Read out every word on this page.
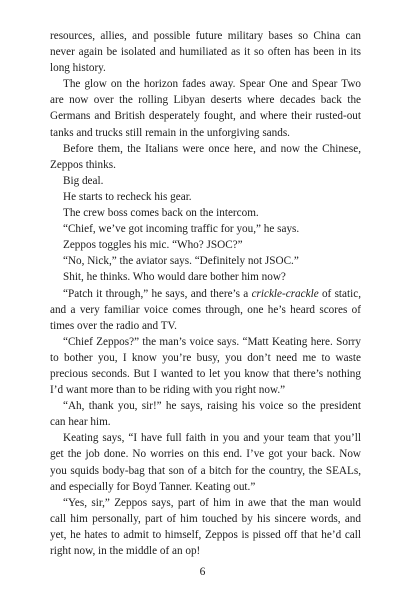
resources, allies, and possible future military bases so China can never again be isolated and humiliated as it so often has been in its long history.

The glow on the horizon fades away. Spear One and Spear Two are now over the rolling Libyan deserts where decades back the Germans and British desperately fought, and where their rusted-out tanks and trucks still remain in the unforgiving sands.

Before them, the Italians were once here, and now the Chinese, Zeppos thinks.

Big deal.

He starts to recheck his gear.

The crew boss comes back on the intercom.

“Chief, we’ve got incoming traffic for you,” he says.

Zeppos toggles his mic. “Who? JSOC?”

“No, Nick,” the aviator says. “Definitely not JSOC.”

Shit, he thinks. Who would dare bother him now?

“Patch it through,” he says, and there’s a crickle-crackle of static, and a very familiar voice comes through, one he’s heard scores of times over the radio and TV.

“Chief Zeppos?” the man’s voice says. “Matt Keating here. Sorry to bother you, I know you’re busy, you don’t need me to waste precious seconds. But I wanted to let you know that there’s nothing I’d want more than to be riding with you right now.”

“Ah, thank you, sir!” he says, raising his voice so the president can hear him.

Keating says, “I have full faith in you and your team that you’ll get the job done. No worries on this end. I’ve got your back. Now you squids body-bag that son of a bitch for the country, the SEALs, and especially for Boyd Tanner. Keating out.”

“Yes, sir,” Zeppos says, part of him in awe that the man would call him personally, part of him touched by his sincere words, and yet, he hates to admit to himself, Zeppos is pissed off that he’d call right now, in the middle of an op!

6
